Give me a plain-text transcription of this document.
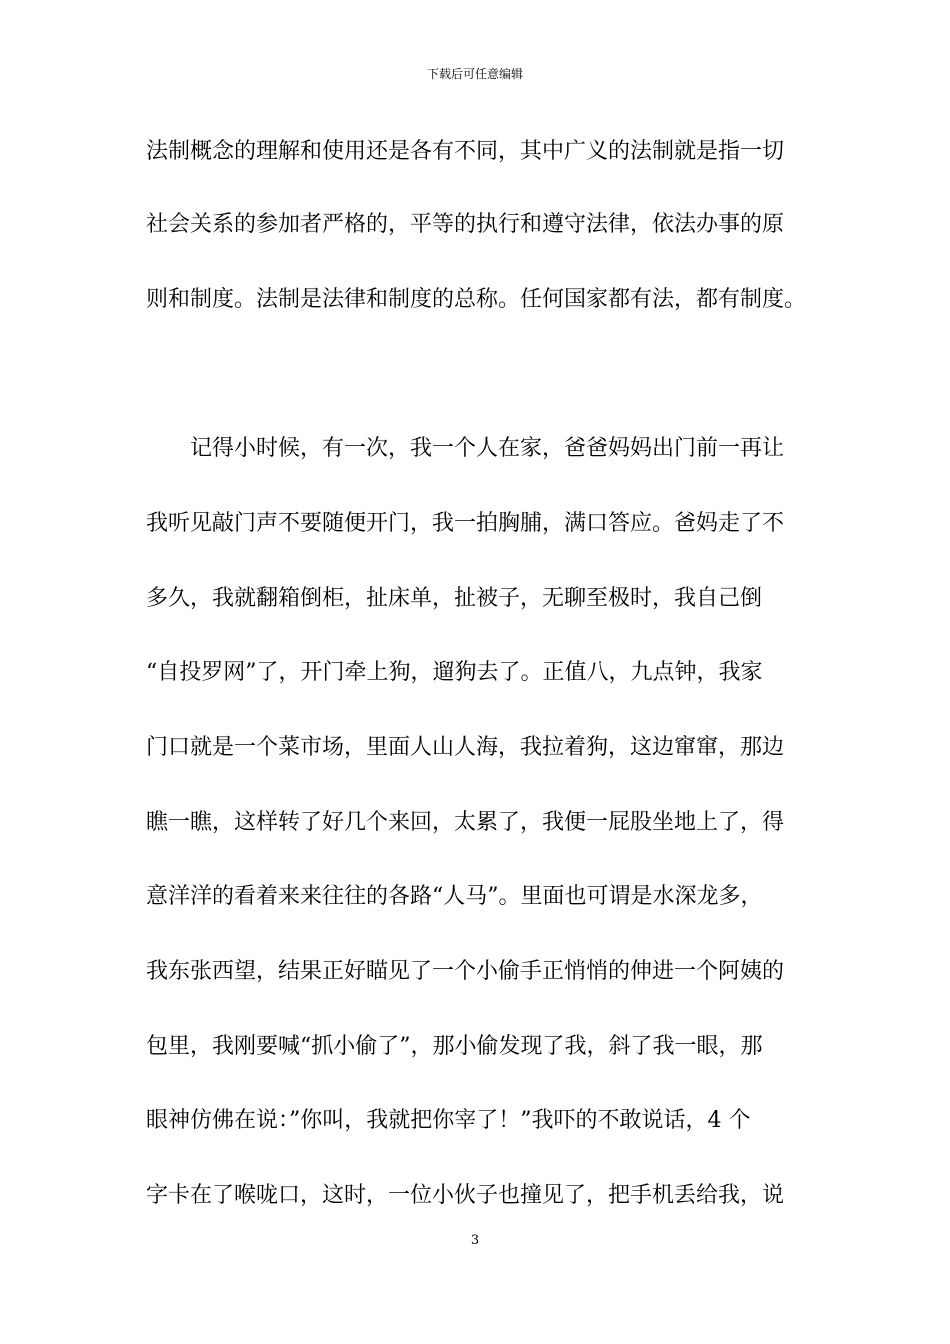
下载后可任意编辑
法制概念的理解和使用还是各有不同，其中广义的法制就是指一切
社会关系的参加者严格的，平等的执行和遵守法律，依法办事的原
则和制度。法制是法律和制度的总称。任何国家都有法，都有制度。
记得小时候，有一次，我一个人在家，爸爸妈妈出门前一再让
我听见敲门声不要随便开门，我一拍胸脯，满口答应。爸妈走了不
多久，我就翻箱倒柜，扯床单，扯被子，无聊至极时，我自己倒
“自投罗网”了，开门牵上狗，遛狗去了。正值八，九点钟，我家
门口就是一个菜市场，里面人山人海，我拉着狗，这边窜窜，那边
瞧一瞧，这样转了好几个来回，太累了，我便一屁股坐地上了，得
意洋洋的看着来来往往的各路“人马”。里面也可谓是水深龙多，
我东张西望，结果正好瞄见了一个小偷手正悄悄的伸进一个阿姨的
包里，我刚要喊“抓小偷了”，那小偷发现了我，斜了我一眼，那
眼神仿佛在说：”你叫，我就把你宰了！”我吓的不敢说话，4 个
字卡在了喉咙口，这时，一位小伙子也撞见了，把手机丢给我，说
3
